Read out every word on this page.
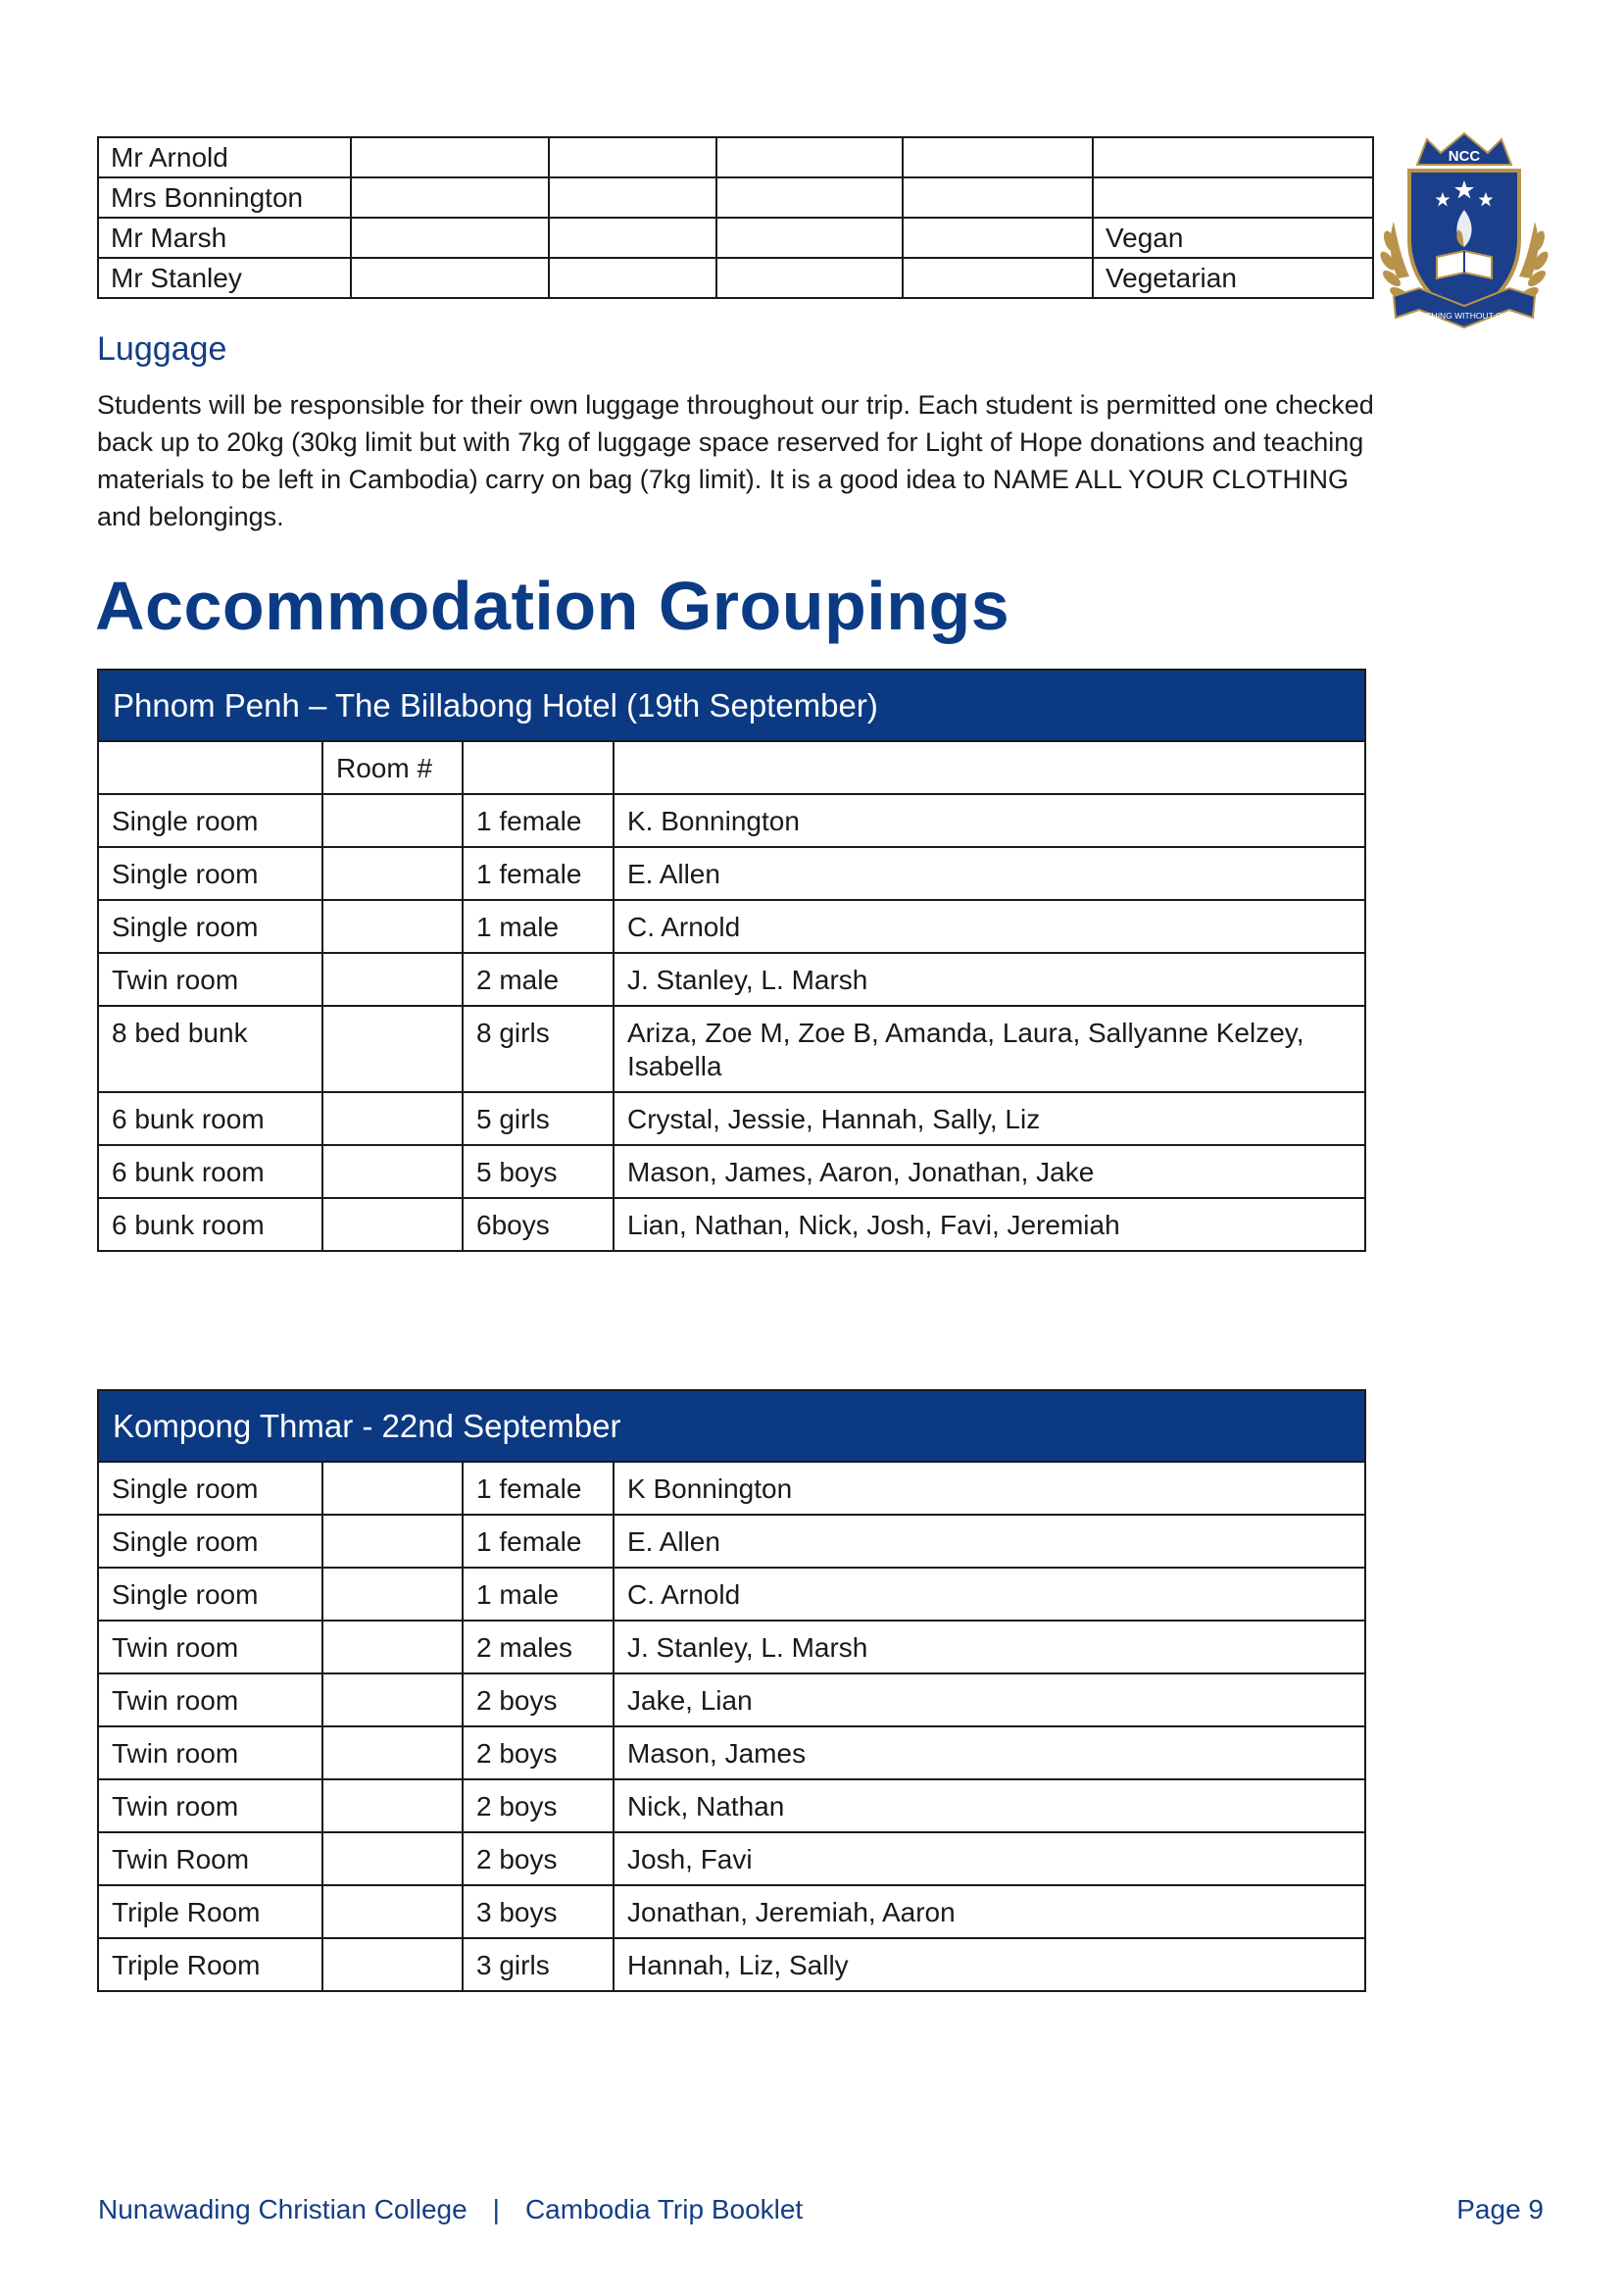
Mr Arnold					
Mrs Bonnington					
Mr Marsh					Vegan
Mr Stanley					Vegetarian
NCC
NOTHING WITHOUT GOD
Luggage

Students will be responsible for their own luggage throughout our trip. Each student is permitted one checked back up to 20kg (30kg limit but with 7kg of luggage space reserved for Light of Hope donations and teaching materials to be left in Cambodia) carry on bag (7kg limit). It is a good idea to NAME ALL YOUR CLOTHING and belongings.

Accommodation Groupings
Phnom Penh – The Billabong Hotel (19th September)			
	Room #		
Single room		1 female	K. Bonnington
Single room		1 female	E. Allen
Single room		1 male	C. Arnold
Twin room		2 male	J. Stanley, L. Marsh
8 bed bunk		8 girls	Ariza, Zoe M, Zoe B, Amanda, Laura, Sallyanne Kelzey, Isabella
6 bunk room		5 girls	Crystal, Jessie, Hannah, Sally, Liz
6 bunk room		5 boys	Mason, James, Aaron, Jonathan, Jake
6 bunk room		6boys	Lian, Nathan, Nick, Josh, Favi, Jeremiah
Kompong Thmar - 22nd September			
Single room		1 female	K Bonnington
Single room		1 female	E. Allen
Single room		1 male	C. Arnold
Twin room		2 males	J. Stanley, L. Marsh
Twin room		2 boys	Jake, Lian
Twin room		2 boys	Mason, James
Twin room		2 boys	Nick, Nathan
Twin Room		2 boys	Josh, Favi
Triple Room		3 boys	Jonathan, Jeremiah, Aaron
Triple Room		3 girls	Hannah, Liz, Sally
Nunawading Christian College | Cambodia Trip Booklet	Page 9
